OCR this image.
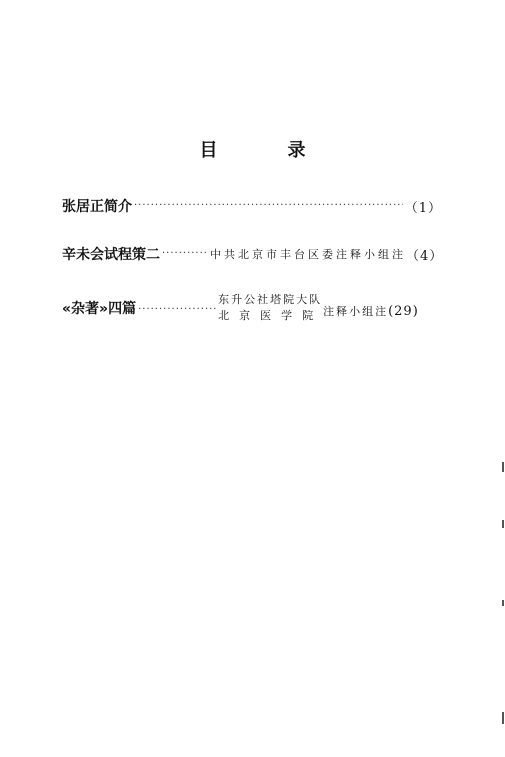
目　录
张居正简介 ·····	（1）
辛未会试程策二 ·····	中共北京市丰台区委注释小组注 （4）
«杂著»四篇
·····
东升公社塔院大队
北京医学院 注释小组注 (29)
